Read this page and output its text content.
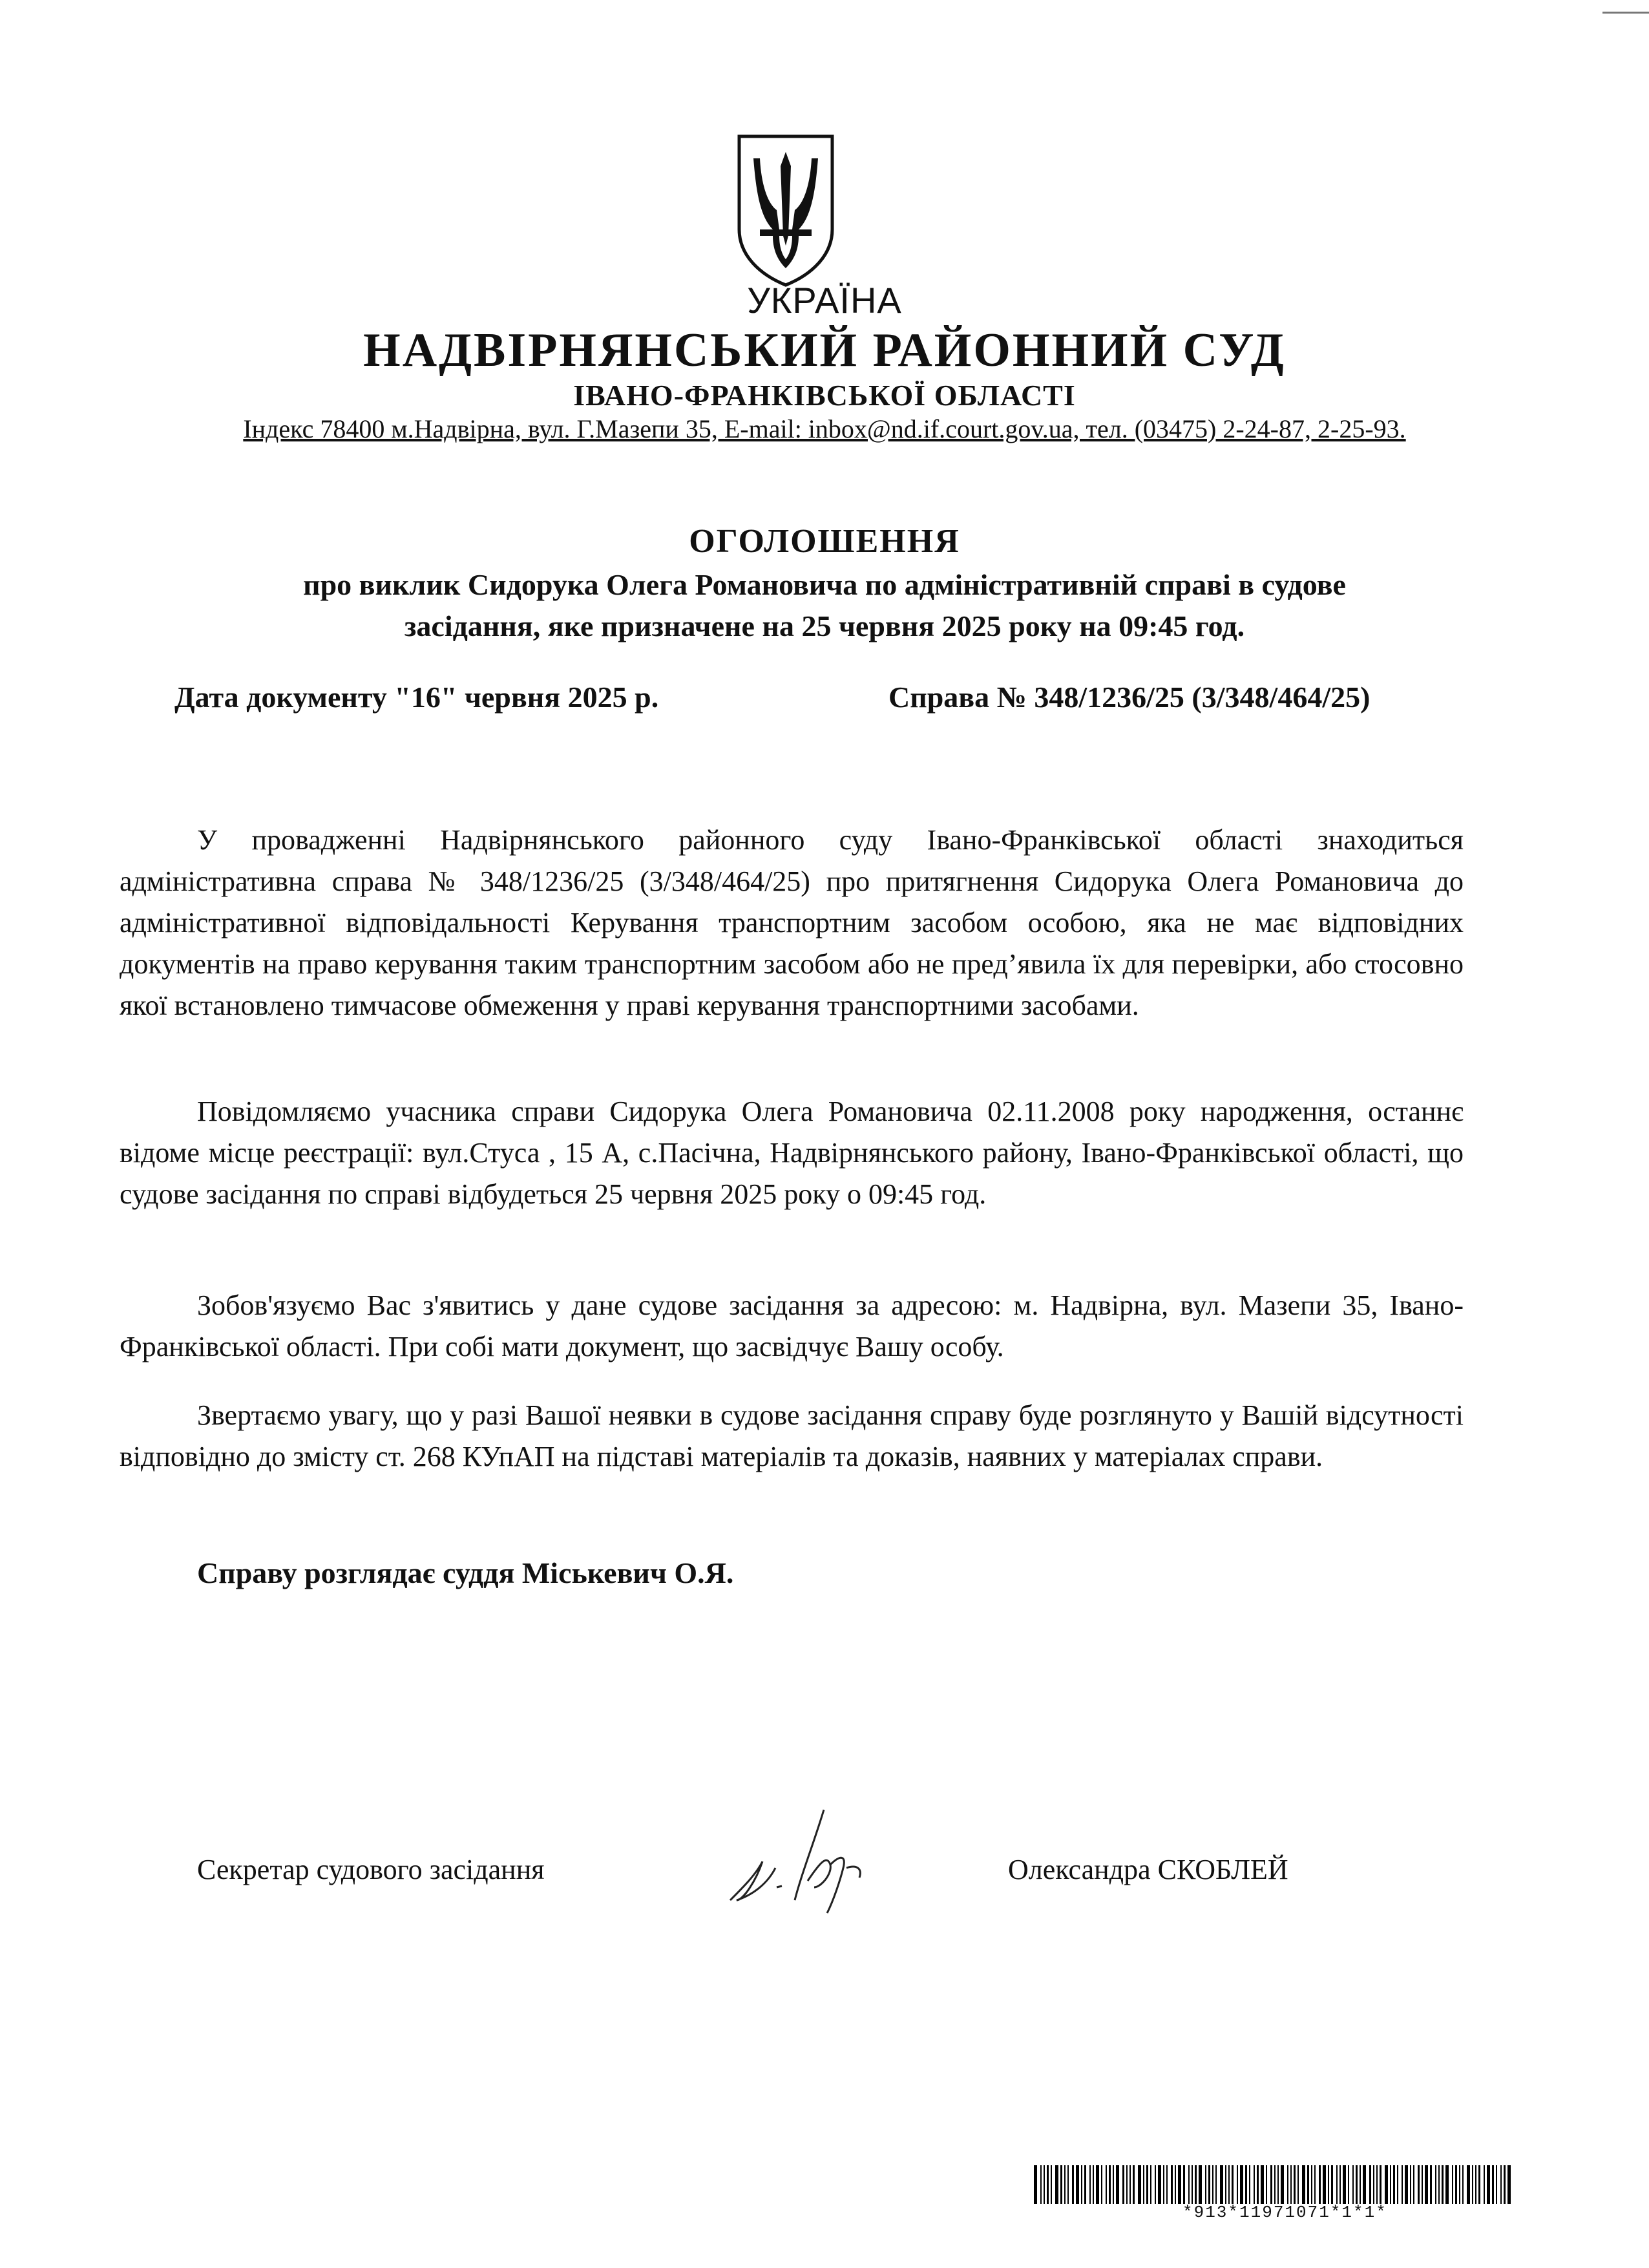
УКРАЇНА
НАДВІРНЯНСЬКИЙ РАЙОННИЙ СУД
ІВАНО-ФРАНКІВСЬКОЇ ОБЛАСТІ
Індекс 78400 м.Надвірна, вул. Г.Мазепи 35, E-mail: inbox@nd.if.court.gov.ua, тел. (03475) 2-24-87, 2-25-93.
ОГОЛОШЕННЯ
про виклик Сидорука Олега Романовича по адміністративній справі в судове
засідання, яке призначене на 25 червня 2025 року на 09:45 год.
Дата документу "16" червня 2025 р.	Справа № 348/1236/25 (3/348/464/25)

У провадженні Надвірнянського районного суду Івано-Франківської області знаходиться адміністративна справа № 348/1236/25 (3/348/464/25) про притягнення Сидорука Олега Романовича до адміністративної відповідальності Керування транспортним засобом особою, яка не має відповідних документів на право керування таким транспортним засобом або не пред’явила їх для перевірки, або стосовно якої встановлено тимчасове обмеження у праві керування транспортними засобами.

Повідомляємо учасника справи Сидорука Олега Романовича 02.11.2008 року народження, останнє відоме місце реєстрації: вул.Стуса , 15 А, с.Пасічна, Надвірнянського району, Івано-Франківської області, що судове засідання по справі відбудеться 25 червня 2025 року о 09:45 год.

Зобов'язуємо Вас з'явитись у дане судове засідання за адресою: м. Надвірна, вул. Мазепи 35, Івано-Франківської області. При собі мати документ, що засвідчує Вашу особу.

Звертаємо увагу, що у разі Вашої неявки в судове засідання справу буде розглянуто у Вашій відсутності відповідно до змісту ст. 268 КУпАП на підставі матеріалів та доказів, наявних у матеріалах справи.

Справу розглядає суддя Міськевич О.Я.
Секретар судового засідання	Олександра СКОБЛЕЙ
*913*11971071*1*1*
